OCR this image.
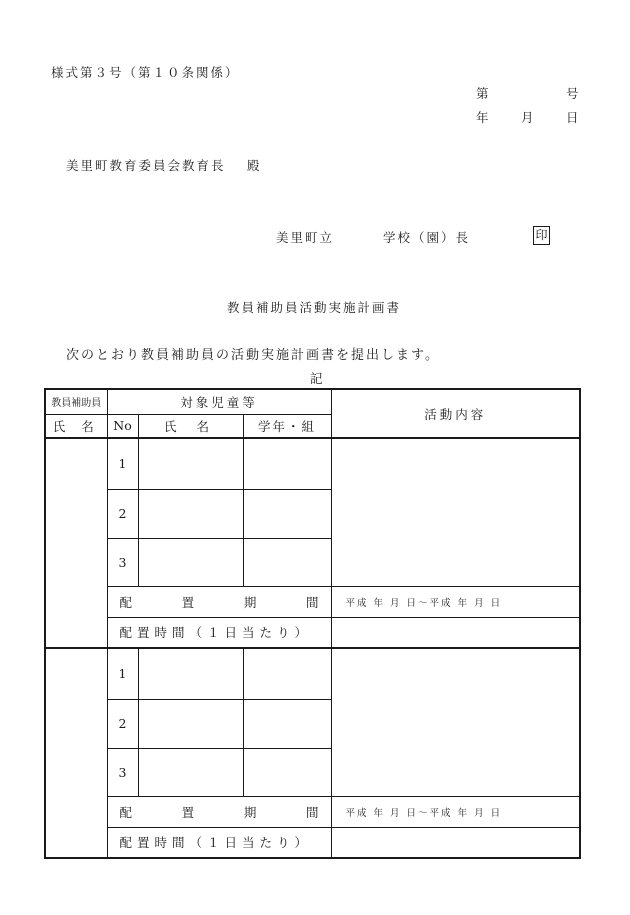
様式第３号（第１０条関係）
第	号
年 月 日
美里町教育委員会教育長 殿
美里町立	学校（園）長	印
教員補助員活動実施計画書
次のとおり教員補助員の活動実施計画書を提出します。
記
教員補助員	対象児童等			活動内容
氏 名	No	氏 名	学年・組	
	1			
	2			
	3			

	配 置 期 間			平成 年 月 日～平成 年 月 日

	配置時間（１日当たり）			
	1			
	2			
	3			

	配 置 期 間			平成 年 月 日～平成 年 月 日

	配置時間（１日当たり）			
